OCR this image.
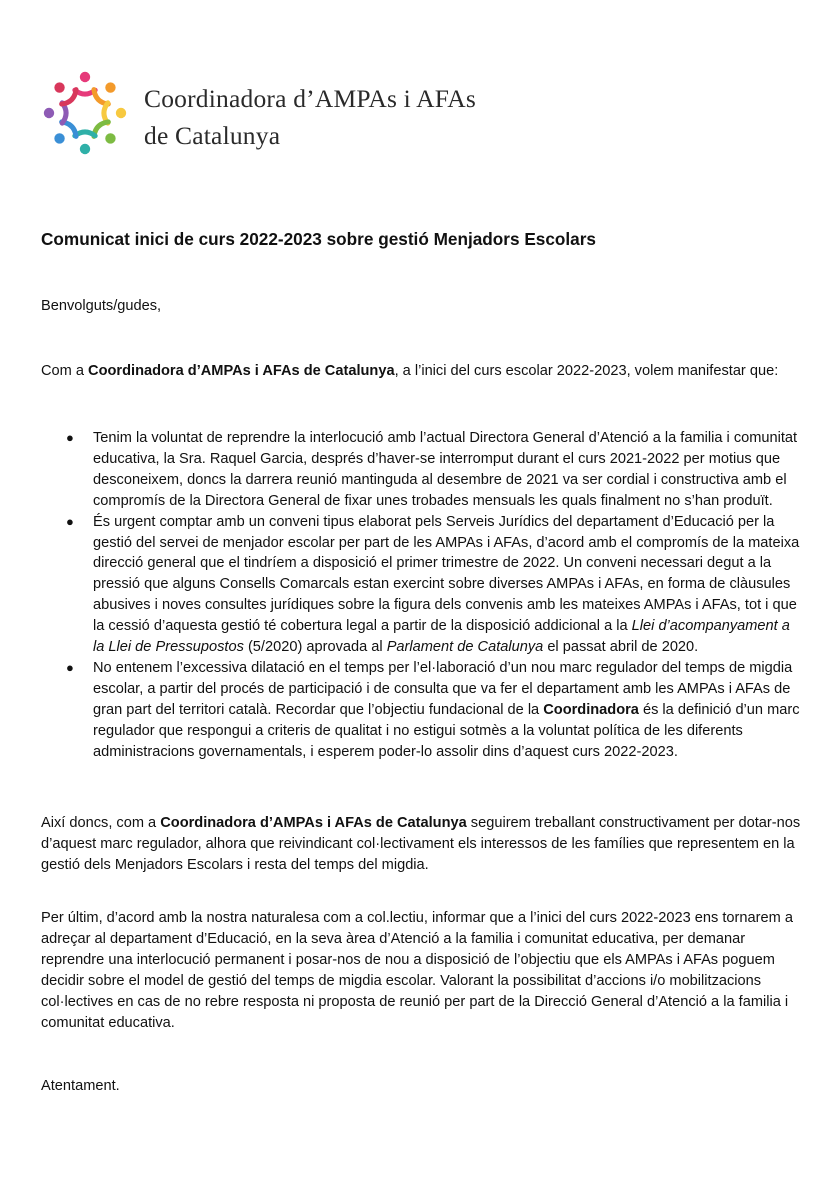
Coordinadora d’AMPAs i AFAs
de Catalunya
Comunicat inici de curs 2022-2023 sobre gestió Menjadors Escolars
Benvolguts/gudes,
Com a Coordinadora d’AMPAs i AFAs de Catalunya, a l’inici del curs escolar 2022-2023, volem manifestar que:
● Tenim la voluntat de reprendre la interlocució amb l’actual Directora General d’Atenció a la familia i comunitat educativa, la Sra. Raquel Garcia, després d’haver-se interromput durant el curs 2021-2022 per motius que desconeixem, doncs la darrera reunió mantinguda al desembre de 2021 va ser cordial i constructiva amb el compromís de la Directora General de fixar unes trobades mensuals les quals finalment no s’han produït.
● És urgent comptar amb un conveni tipus elaborat pels Serveis Jurídics del departament d’Educació per la gestió del servei de menjador escolar per part de les AMPAs i AFAs, d’acord amb el compromís de la mateixa direcció general que el tindríem a disposició el primer trimestre de 2022. Un conveni necessari degut a la pressió que alguns Consells Comarcals estan exercint sobre diverses AMPAs i AFAs, en forma de clàusules abusives i noves consultes jurídiques sobre la figura dels convenis amb les mateixes AMPAs i AFAs, tot i que la cessió d’aquesta gestió té cobertura legal a partir de la disposició addicional a la Llei d’acompanyament a la Llei de Pressupostos (5/2020) aprovada al Parlament de Catalunya el passat abril de 2020.
● No entenem l’excessiva dilatació en el temps per l’el·laboració d’un nou marc regulador del temps de migdia escolar, a partir del procés de participació i de consulta que va fer el departament amb les AMPAs i AFAs de gran part del territori català. Recordar que l’objectiu fundacional de la Coordinadora és la definició d’un marc regulador que respongui a criteris de qualitat i no estigui sotmès a la voluntat política de les diferents administracions governamentals, i esperem poder-lo assolir dins d’aquest curs 2022-2023.

Així doncs, com a Coordinadora d’AMPAs i AFAs de Catalunya seguirem treballant constructivament per dotar-nos d’aquest marc regulador, alhora que reivindicant col·lectivament els interessos de les famílies que representem en la gestió dels Menjadors Escolars i resta del temps del migdia.

Per últim, d’acord amb la nostra naturalesa com a col.lectiu, informar que a l’inici del curs 2022-2023 ens tornarem a adreçar al departament d’Educació, en la seva àrea d’Atenció a la familia i comunitat educativa, per demanar reprendre una interlocució permanent i posar-nos de nou a disposició de l’objectiu que els AMPAs i AFAs poguem decidir sobre el model de gestió del temps de migdia escolar. Valorant la possibilitat d’accions i/o mobilitzacions col·lectives en cas de no rebre resposta ni proposta de reunió per part de la Direcció General d’Atenció a la familia i comunitat educativa.

Atentament.
